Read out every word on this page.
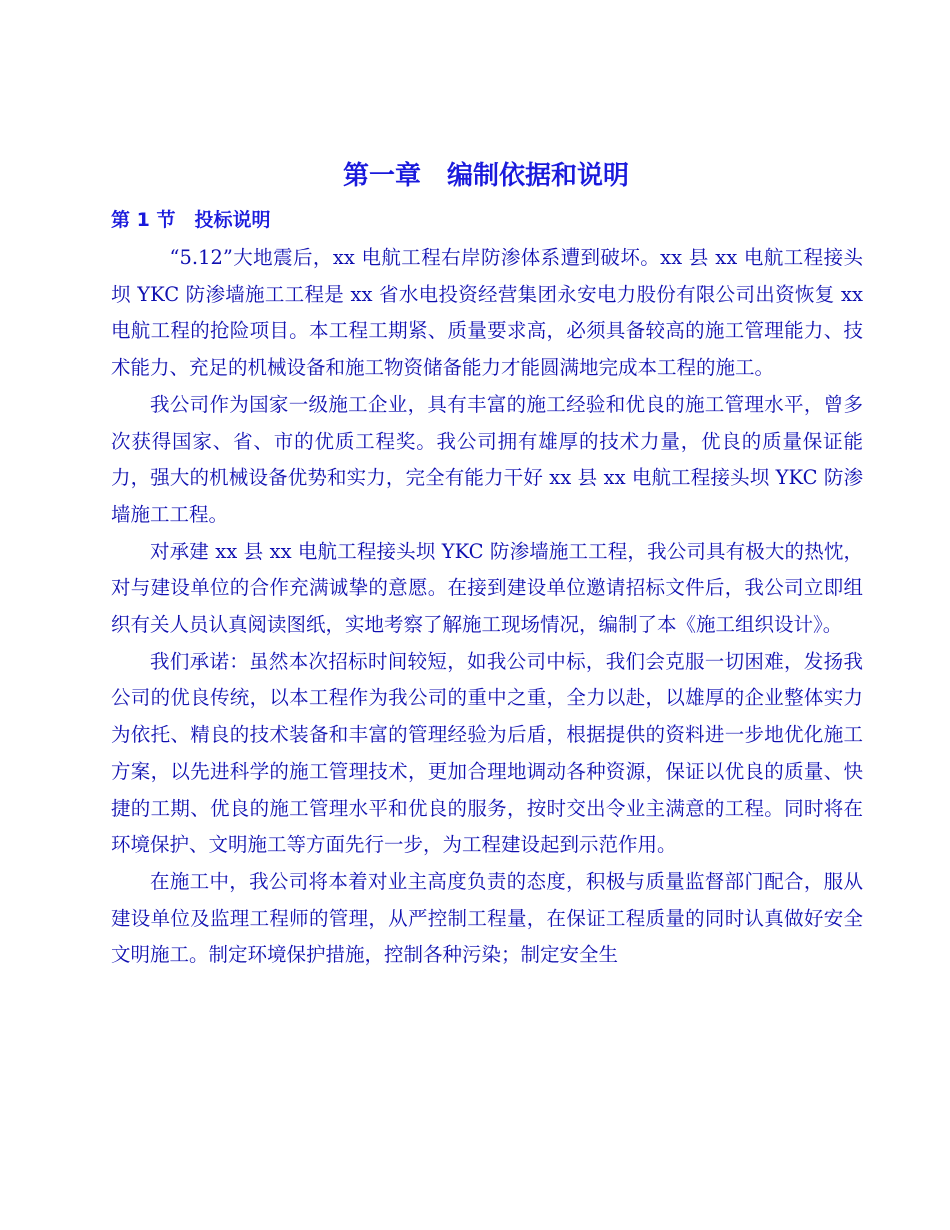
第一章　编制依据和说明
第 1 节　投标说明

“5.12”大地震后，xx 电航工程右岸防渗体系遭到破坏。xx 县 xx 电航工程接头坝 YKC 防渗墙施工工程是 xx 省水电投资经营集团永安电力股份有限公司出资恢复 xx 电航工程的抢险项目。本工程工期紧、质量要求高，必须具备较高的施工管理能力、技术能力、充足的机械设备和施工物资储备能力才能圆满地完成本工程的施工。

我公司作为国家一级施工企业，具有丰富的施工经验和优良的施工管理水平，曾多次获得国家、省、市的优质工程奖。我公司拥有雄厚的技术力量，优良的质量保证能力，强大的机械设备优势和实力，完全有能力干好 xx 县 xx 电航工程接头坝 YKC 防渗墙施工工程。

对承建 xx 县 xx 电航工程接头坝 YKC 防渗墙施工工程，我公司具有极大的热忱，对与建设单位的合作充满诚挚的意愿。在接到建设单位邀请招标文件后，我公司立即组织有关人员认真阅读图纸，实地考察了解施工现场情况，编制了本《施工组织设计》。

我们承诺：虽然本次招标时间较短，如我公司中标，我们会克服一切困难，发扬我公司的优良传统，以本工程作为我公司的重中之重，全力以赴，以雄厚的企业整体实力为依托、精良的技术装备和丰富的管理经验为后盾，根据提供的资料进一步地优化施工方案，以先进科学的施工管理技术，更加合理地调动各种资源，保证以优良的质量、快捷的工期、优良的施工管理水平和优良的服务，按时交出令业主满意的工程。同时将在环境保护、文明施工等方面先行一步，为工程建设起到示范作用。

在施工中，我公司将本着对业主高度负责的态度，积极与质量监督部门配合，服从建设单位及监理工程师的管理，从严控制工程量，在保证工程质量的同时认真做好安全文明施工。制定环境保护措施，控制各种污染；制定安全生
